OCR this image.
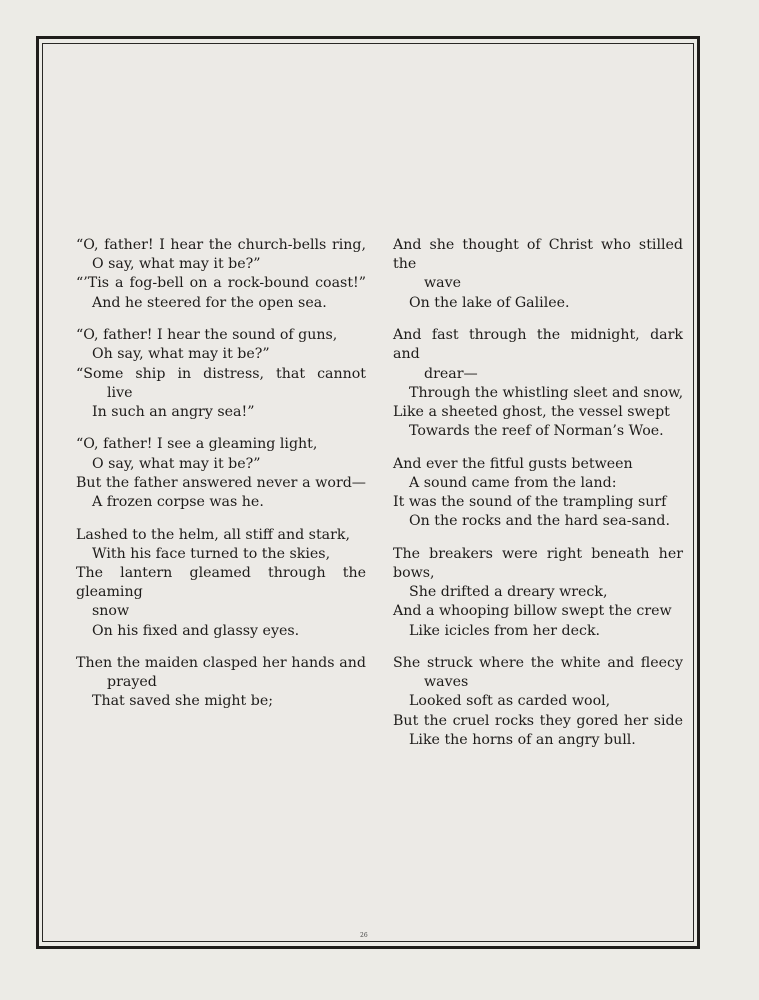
“O, father! I hear the church-bells ring,
O say, what may it be?”
“’Tis a fog-bell on a rock-bound coast!”
And he steered for the open sea.
“O, father! I hear the sound of guns,
Oh say, what may it be?”
“Some ship in distress, that cannot
live
In such an angry sea!”
“O, father! I see a gleaming light,
O say, what may it be?”
But the father answered never a word—
A frozen corpse was he.
Lashed to the helm, all stiff and stark,
With his face turned to the skies,
The lantern gleamed through the gleaming
snow
On his fixed and glassy eyes.
Then the maiden clasped her hands and
prayed
That saved she might be;
And she thought of Christ who stilled the
wave
On the lake of Galilee.
And fast through the midnight, dark and
drear—
Through the whistling sleet and snow,
Like a sheeted ghost, the vessel swept
Towards the reef of Norman’s Woe.
And ever the fitful gusts between
A sound came from the land:
It was the sound of the trampling surf
On the rocks and the hard sea-sand.
The breakers were right beneath her bows,
She drifted a dreary wreck,
And a whooping billow swept the crew
Like icicles from her deck.
She struck where the white and fleecy
waves
Looked soft as carded wool,
But the cruel rocks they gored her side
Like the horns of an angry bull.
26
